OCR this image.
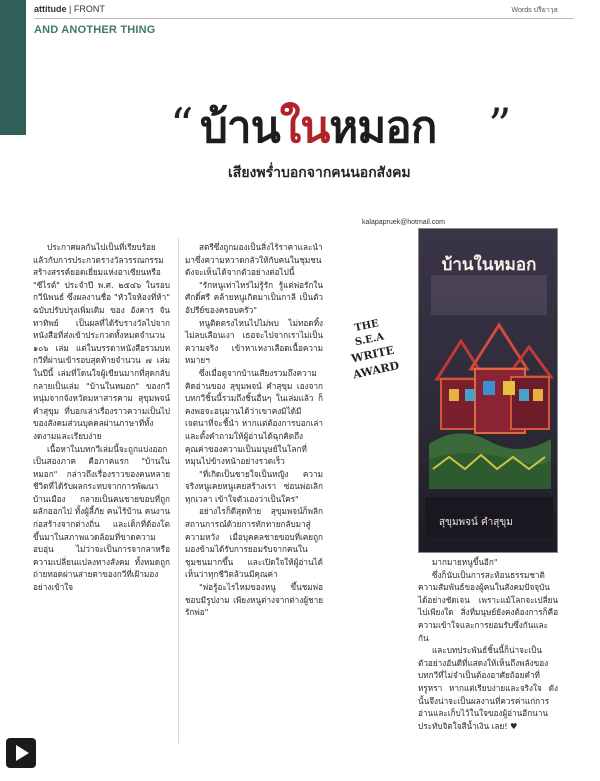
attitude | FRONT	Words ปรียาวุธ
AND ANOTHER THING
“ บ้านในหมอก ”
เสียงพร่ำบอกจากคนนอกสังคม
kalapapruek@hotmail.com

ประกาศผลกันไปเป็นที่เรียบร้อยแล้วกับการประกวดรางวัลวรรณกรรมสร้างสรรค์ยอดเยี่ยมแห่งอาเซียนหรือ "ซีไรต์" ประจำปี พ.ศ. ๒๕๔๖ ในรอบกวีนิพนธ์ ซึ่งผลงานชื่อ "หัวใจห้องที่ห้า" ฉบับปรับปรุงเพิ่มเติม ของ อังคาร จันทาทิพย์ เป็นผลที่ได้รับรางวัลไปจากหนังสือที่ส่งเข้าประกวดทั้งหมดจำนวน ๑๐๖ เล่ม แต่ในบรรดาหนังสือรวมบทกวีที่ผ่านเข้ารอบสุดท้ายจำนวน ๗ เล่มในปีนี้ เล่มที่โดนใจผู้เขียนมากที่สุดกลับกลายเป็นเล่ม "บ้านในหมอก" ของกวีหนุ่มจากจังหวัดมหาสารคาม สุขุมพจน์ คำสุขุม ที่บอกเล่าเรื่องราวความเป็นไปของสังคมส่วนบุคคลผ่านภาษาที่ทั้งงดงามและเรียบง่าย

เนื้อหาในบทกวีเล่มนี้จะถูกแบ่งออกเป็นสองภาค คือภาคแรก "บ้านในหมอก" กล่าวถึงเรื่องราวของคนหลายชีวิตที่ได้รับผลกระทบจากการพัฒนาบ้านเมือง กลายเป็นคนชายขอบที่ถูกผลักออกไป ทั้งผู้ลี้ภัย คนไร้บ้าน คนงานก่อสร้างจากต่างถิ่น และเด็กที่ต้องโตขึ้นมาในสภาพแวดล้อมที่ขาดความอบอุ่น ไม่ว่าจะเป็นการจากลาหรือความเปลี่ยนแปลงทางสังคม ทั้งหมดถูกถ่ายทอดผ่านสายตาของกวีที่เฝ้ามองอย่างเข้าใจ

สตรีซึ่งถูกมองเป็นสิ่งไร้ราคาและนำมาซึ่งความหวาดกลัวให้กับคนในชุมชน ดังจะเห็นได้จากตัวอย่างต่อไปนี้

"รักหนูเท่าไหร่ไม่รู้รัก รู้แต่พ่อรักในศักดิ์ศรี คล้ายหนูเกิดมาเป็นกาลี เป็นตัวอัปรีย์ของครอบครัว"

หนูติดตรงไหนไปไม่พบ ไม่ทอดทิ้งไม่ลบเลือนเงา เธอจะไปจากเราไม่เป็นความจริง เข้าหาเหงาเลือดเนื้อความหมายฯ

ซึ่งเมื่อดูจากบ้านเสียงรวมถึงความคิดอ่านของ สุขุมพจน์ คำสุขุม เองจากบทกวีชิ้นนี้รวมถึงชิ้นอื่นๆ ในเล่มแล้ว ก็คงพอจะอนุมานได้ว่าเขาคงมิได้มีเจตนาที่จะชี้นำ หากแต่ต้องการบอกเล่าและตั้งคำถามให้ผู้อ่านได้ฉุกคิดถึงคุณค่าของความเป็นมนุษย์ในโลกที่หมุนไปข้างหน้าอย่างรวดเร็ว

"ที่เกิดเป็นชายใจเป็นหญิง ความจริงหนูเคยหนูเคยสร้างเรา ซ่อนพ่อเลิกทุกเวลา เข้าใจตัวเองว่าเป็นใคร"

อย่างไรก็ดีสุดท้าย สุขุมพจน์ก็พลิกสถานการณ์ด้วยการทักทายกลับมาสู่ความหวัง เมื่อบุคคลชายขอบที่เคยถูกมองข้ามได้รับการยอมรับจากคนในชุมชนมากขึ้น และเปิดใจให้ผู้อ่านได้เห็นว่าทุกชีวิตล้วนมีคุณค่า

"พ่อรู้อะไรไหมของหนู ขึ้นชมพ่อชอบมีรูปงาม เพียงหนูต่างจากต่างผู้ชาย รักพ่อ"

THE
S.E.A
WRITE
AWARD
บ้านในหมอก
สุขุมพจน์ คำสุขุม

มากมายหนูขึ้นอีก"

ซึ่งก็นับเป็นการสะท้อนธรรมชาติความสัมพันธ์ของผู้คนในสังคมปัจจุบันได้อย่างชัดเจน เพราะแม้โลกจะเปลี่ยนไปเพียงใด สิ่งที่มนุษย์ยังคงต้องการก็คือความเข้าใจและการยอมรับซึ่งกันและกัน

และบทประพันธ์ชิ้นนี้ก็น่าจะเป็นตัวอย่างอันดีที่แสดงให้เห็นถึงพลังของบทกวีที่ไม่จำเป็นต้องอาศัยถ้อยคำที่หรูหรา หากแต่เรียบง่ายและจริงใจ ดังนั้นจึงน่าจะเป็นผลงานที่ควรค่าแก่การอ่านและเก็บไว้ในใจของผู้อ่านอีกนาน ประทับจิตใจสีน้ำเงิน เลย! ♥
